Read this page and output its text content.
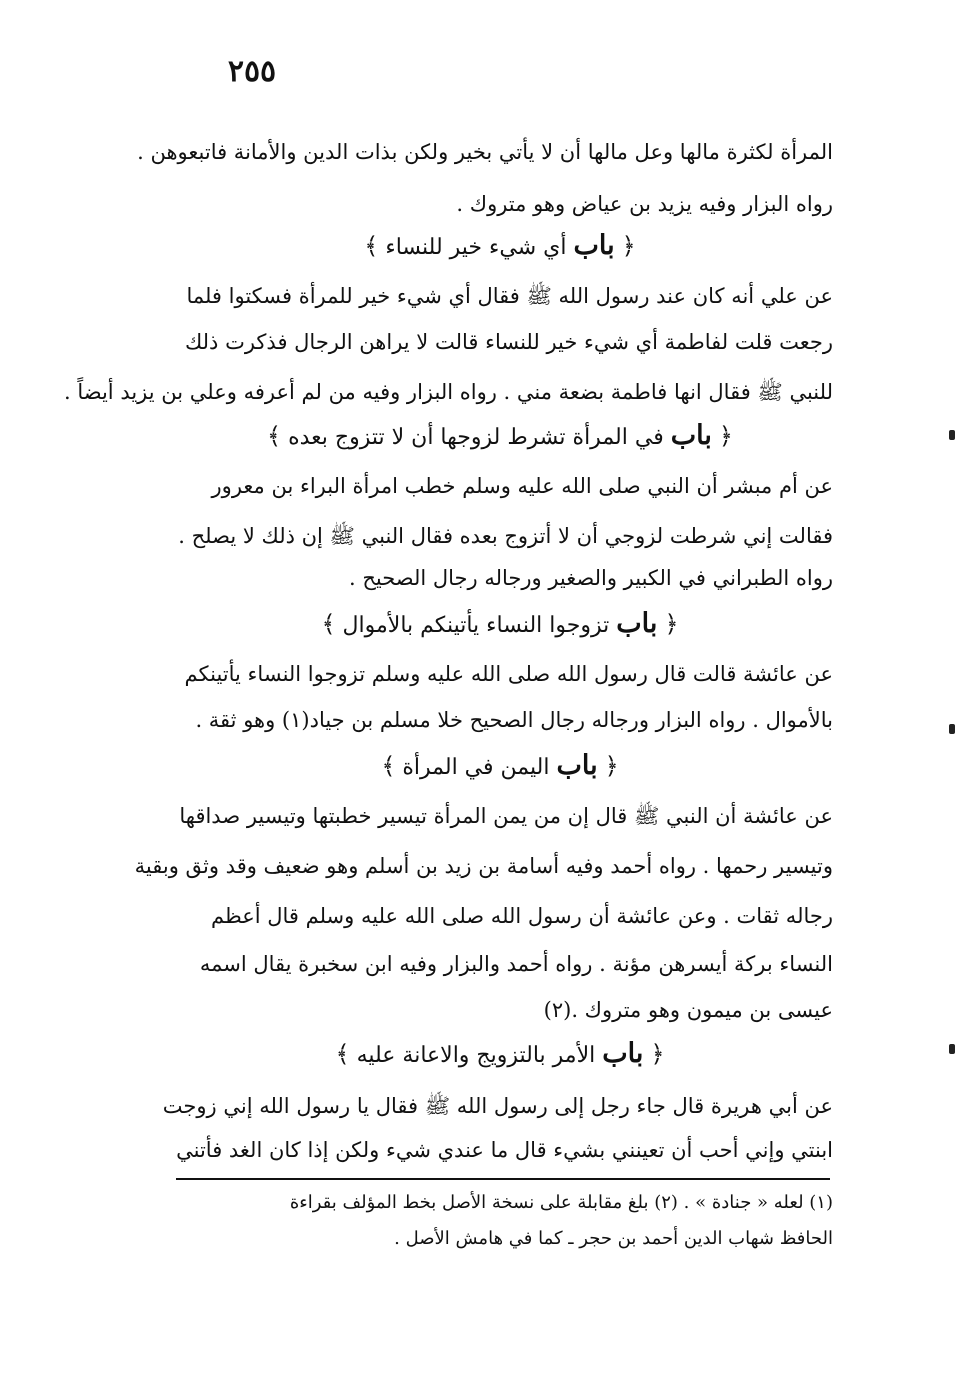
٢٥٥
المرأة لكثرة مالها وعل مالها أن لا يأتي بخير ولكن بذات الدين والأمانة فاتبعوهن .
رواه البزار وفيه يزيد بن عياض وهو متروك .
﴿ باب أي شيء خير للنساء ﴾
عن علي أنه كان عند رسول الله ﷺ فقال أي شيء خير للمرأة فسكتوا فلما
رجعت قلت لفاطمة أي شيء خير للنساء قالت لا يراهن الرجال فذكرت ذلك
للنبي ﷺ فقال انها فاطمة بضعة مني . رواه البزار وفيه من لم أعرفه وعلي بن يزيد أيضاً .
﴿ باب في المرأة تشرط لزوجها أن لا تتزوج بعده ﴾
عن أم مبشر أن النبي صلى الله عليه وسلم خطب امرأة البراء بن معرور
فقالت إني شرطت لزوجي أن لا أتزوج بعده فقال النبي ﷺ إن ذلك لا يصلح .
رواه الطبراني في الكبير والصغير ورجاله رجال الصحيح .
﴿ باب تزوجوا النساء يأتينكم بالأموال ﴾
عن عائشة قالت قال رسول الله صلى الله عليه وسلم تزوجوا النساء يأتينكم
بالأموال . رواه البزار ورجاله رجال الصحيح خلا مسلم بن جياد(١) وهو ثقة .
﴿ باب اليمن في المرأة ﴾
عن عائشة أن النبي ﷺ قال إن من يمن المرأة تيسير خطبتها وتيسير صداقها
وتيسير رحمها . رواه أحمد وفيه أسامة بن زيد بن أسلم وهو ضعيف وقد وثق وبقية
رجاله ثقات . وعن عائشة أن رسول الله صلى الله عليه وسلم قال أعظم
النساء بركة أيسرهن مؤنة . رواه أحمد والبزار وفيه ابن سخبرة يقال اسمه
عيسى بن ميمون وهو متروك .(٢)
﴿ باب الأمر بالتزويج والاعانة عليه ﴾
عن أبي هريرة قال جاء رجل إلى رسول الله ﷺ فقال يا رسول الله إني زوجت
ابنتي وإني أحب أن تعينني بشيء قال ما عندي شيء ولكن إذا كان الغد فأتني
(١) لعله « جنادة » . (٢) بلغ مقابلة على نسخة الأصل بخط المؤلف بقراءة
الحافظ شهاب الدين أحمد بن حجر ـ كما في هامش الأصل .
